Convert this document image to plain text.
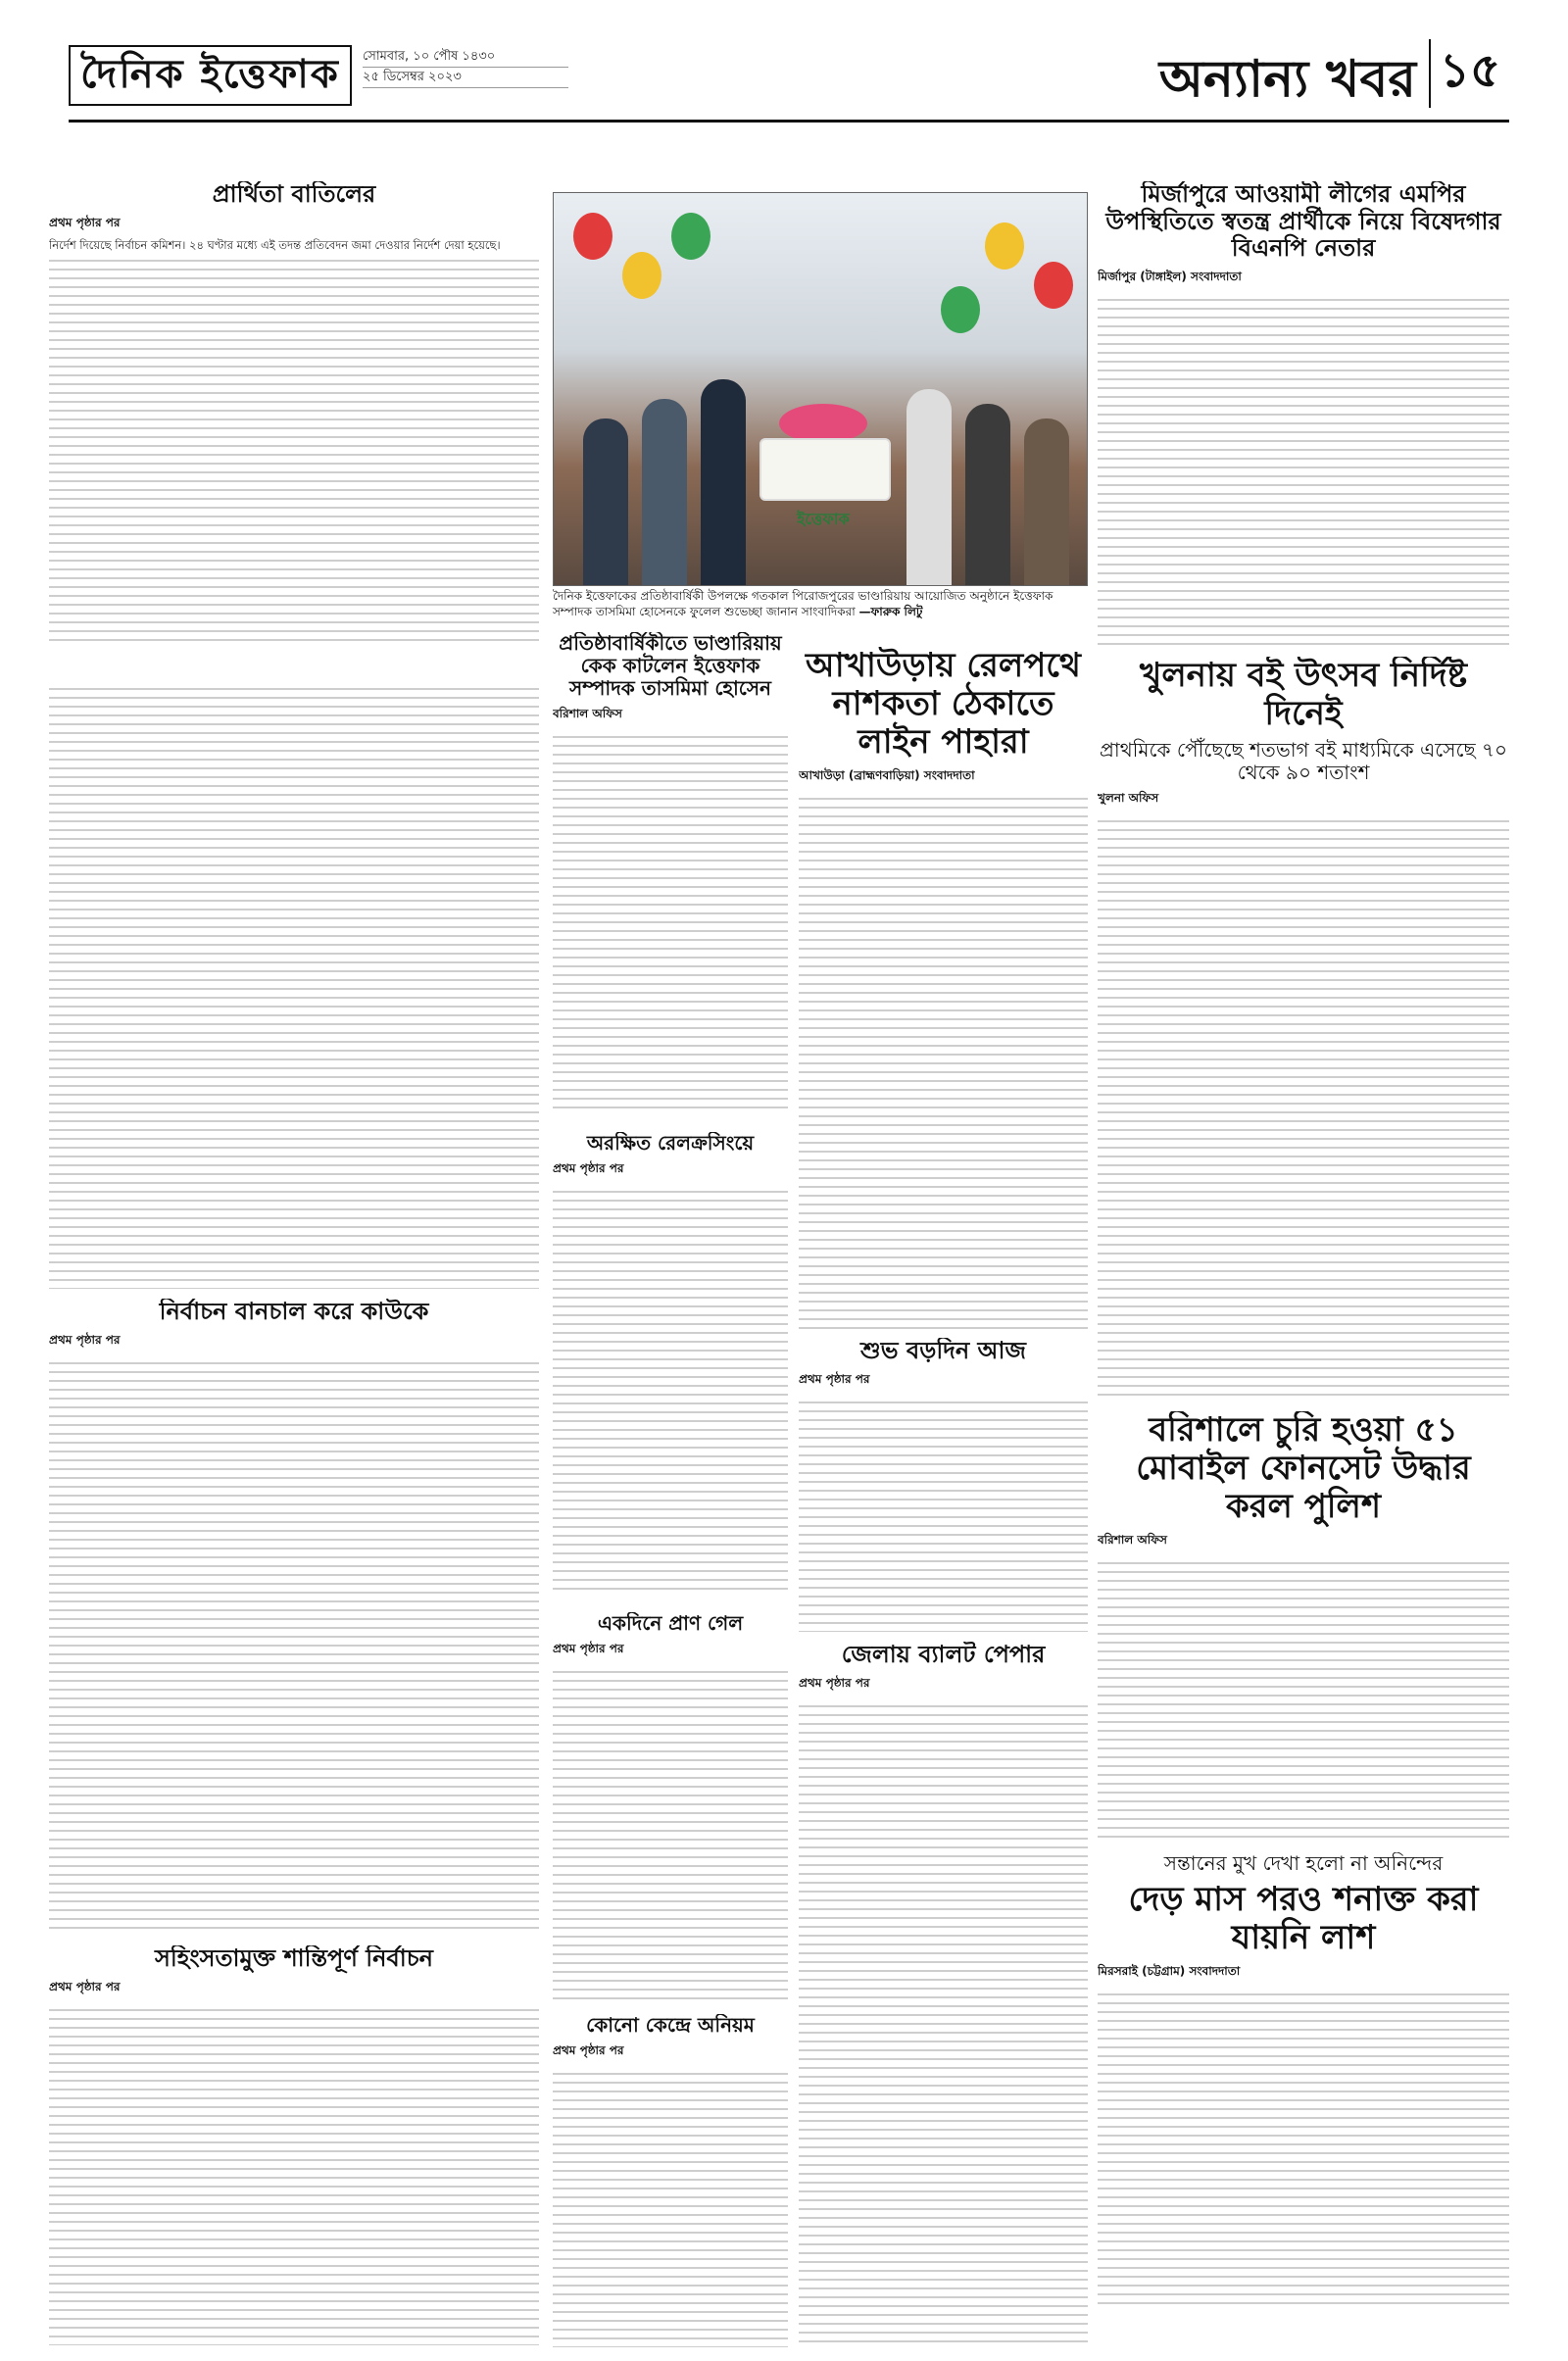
দৈনিক ইত্তেফাক	সোমবার, ১০ পৌষ ১৪৩০
২৫ ডিসেম্বর ২০২৩	অন্যান্য খবর ১৫
প্রার্থিতা বাতিলের
প্রথম পৃষ্ঠার পর
নির্দেশ দিয়েছে নির্বাচন কমিশন। ২৪ ঘণ্টার মধ্যে এই তদন্ত প্রতিবেদন জমা দেওয়ার নির্দেশ দেয়া হয়েছে।
নির্বাচন বানচাল করে কাউকে
প্রথম পৃষ্ঠার পর
সহিংসতামুক্ত শান্তিপূর্ণ নির্বাচন
প্রথম পৃষ্ঠার পর
ইত্তেফাক
দৈনিক ইত্তেফাকের প্রতিষ্ঠাবার্ষিকী উপলক্ষে গতকাল পিরোজপুরের ভাণ্ডারিয়ায় আয়োজিত অনুষ্ঠানে ইত্তেফাক সম্পাদক তাসমিমা হোসেনকে ফুলেল শুভেচ্ছা জানান সাংবাদিকরা —ফারুক লিটু
প্রতিষ্ঠাবার্ষিকীতে ভাণ্ডারিয়ায় কেক কাটলেন ইত্তেফাক সম্পাদক তাসমিমা হোসেন
বরিশাল অফিস
অরক্ষিত রেলক্রসিংয়ে
প্রথম পৃষ্ঠার পর
একদিনে প্রাণ গেল
প্রথম পৃষ্ঠার পর
কোনো কেন্দ্রে অনিয়ম
প্রথম পৃষ্ঠার পর
আখাউড়ায় রেলপথে নাশকতা ঠেকাতে লাইন পাহারা
আখাউড়া (ব্রাহ্মণবাড়িয়া) সংবাদদাতা
শুভ বড়দিন আজ
প্রথম পৃষ্ঠার পর
জেলায় ব্যালট পেপার
প্রথম পৃষ্ঠার পর
মির্জাপুরে আওয়ামী লীগের এমপির উপস্থিতিতে স্বতন্ত্র প্রার্থীকে নিয়ে বিষেদগার বিএনপি নেতার
মির্জাপুর (টাঙ্গাইল) সংবাদদাতা
খুলনায় বই উৎসব নির্দিষ্ট দিনেই
প্রাথমিকে পৌঁছেছে শতভাগ বই মাধ্যমিকে এসেছে ৭০ থেকে ৯০ শতাংশ
খুলনা অফিস
বরিশালে চুরি হওয়া ৫১ মোবাইল ফোনসেট উদ্ধার করল পুলিশ
বরিশাল অফিস
সন্তানের মুখ দেখা হলো না অনিন্দের
দেড় মাস পরও শনাক্ত করা যায়নি লাশ
মিরসরাই (চট্টগ্রাম) সংবাদদাতা
